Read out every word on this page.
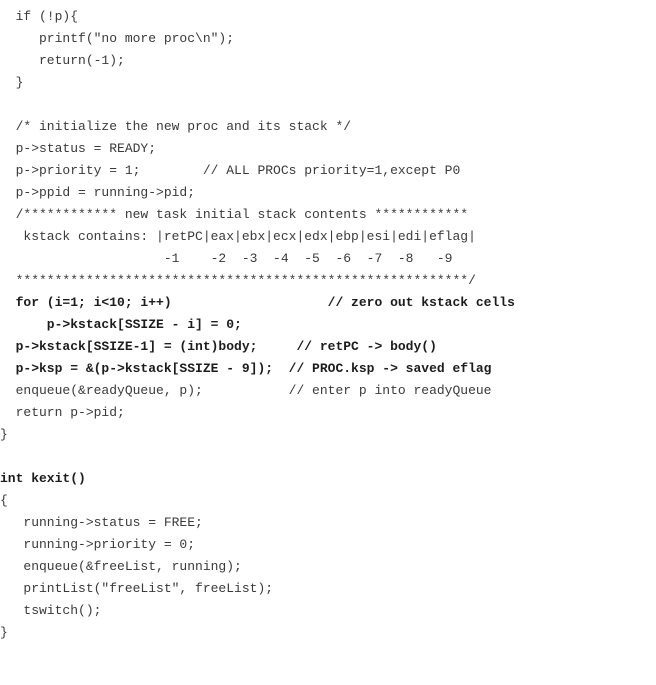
if (!p){
printf("no more proc\n");
return(-1);
}
/* initialize the new proc and its stack */
p->status = READY;
p->priority = 1;        // ALL PROCs priority=1,except P0
p->ppid = running->pid;
/************ new task initial stack contents ************
kstack contains: |retPC|eax|ebx|ecx|edx|ebp|esi|edi|eflag|
-1    -2  -3  -4  -5  -6  -7  -8   -9
**********************************************************/
for (i=1; i<10; i++)                    // zero out kstack cells
p->kstack[SSIZE - i] = 0;
p->kstack[SSIZE-1] = (int)body;     // retPC -> body()
p->ksp = &(p->kstack[SSIZE - 9]);  // PROC.ksp -> saved eflag
enqueue(&readyQueue, p);           // enter p into readyQueue
return p->pid;
}
int kexit()
{
running->status = FREE;
running->priority = 0;
enqueue(&freeList, running);
printList("freeList", freeList);
tswitch();
}
